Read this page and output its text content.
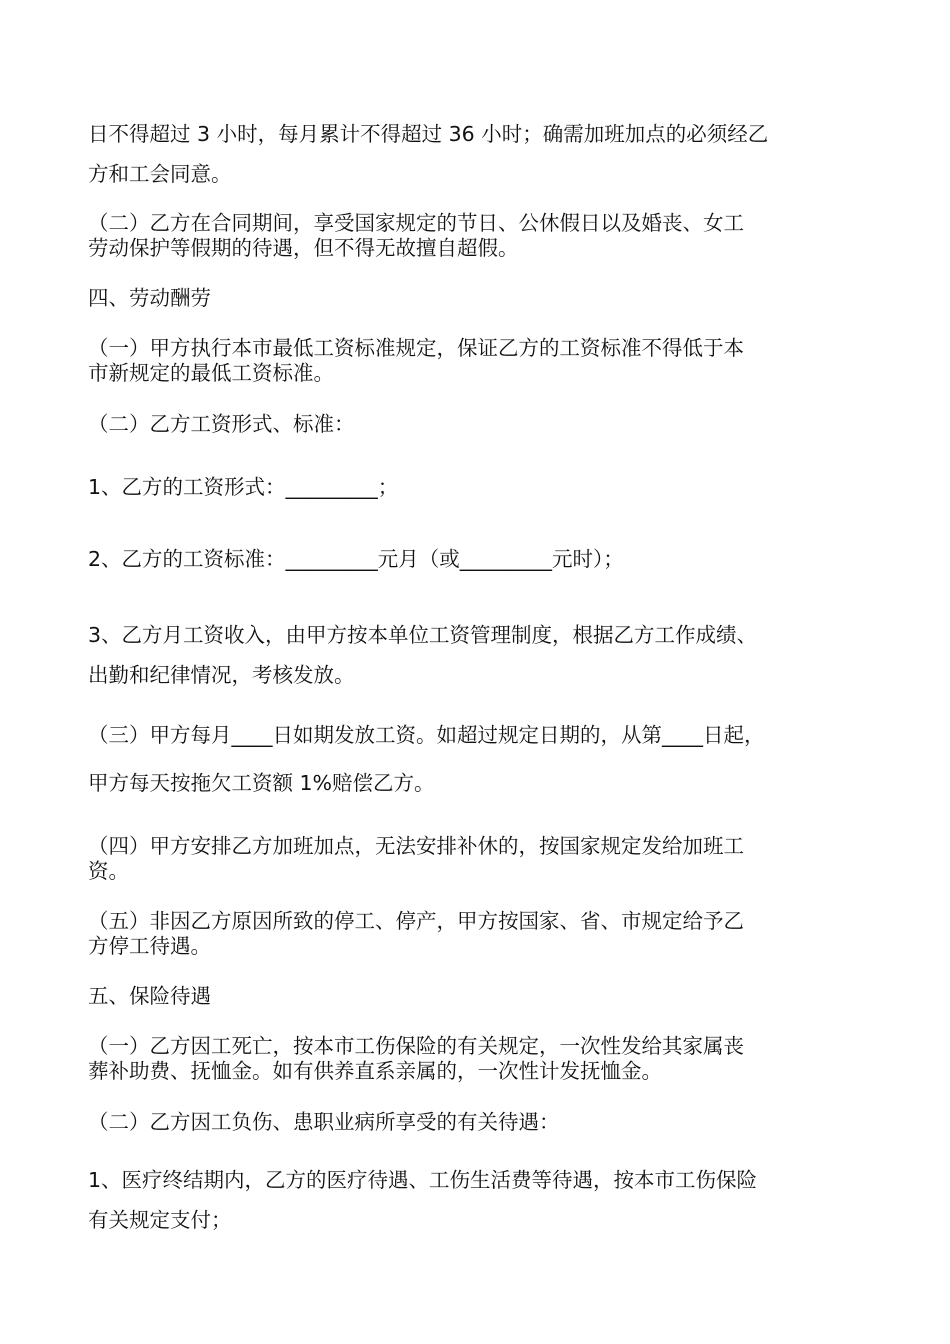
日不得超过 3 小时，每月累计不得超过 36 小时；确需加班加点的必须经乙
方和工会同意。
（二）乙方在合同期间，享受国家规定的节日、公休假日以及婚丧、女工
劳动保护等假期的待遇，但不得无故擅自超假。
四、劳动酬劳
（一）甲方执行本市最低工资标准规定，保证乙方的工资标准不得低于本
市新规定的最低工资标准。
（二）乙方工资形式、标准：
1、乙方的工资形式：_________；
2、乙方的工资标准：_________元月（或_________元时）；
3、乙方月工资收入，由甲方按本单位工资管理制度，根据乙方工作成绩、
出勤和纪律情况，考核发放。
（三）甲方每月____日如期发放工资。如超过规定日期的，从第____日起，
甲方每天按拖欠工资额 1%赔偿乙方。
（四）甲方安排乙方加班加点，无法安排补休的，按国家规定发给加班工
资。
（五）非因乙方原因所致的停工、停产，甲方按国家、省、市规定给予乙
方停工待遇。
五、保险待遇
（一）乙方因工死亡，按本市工伤保险的有关规定，一次性发给其家属丧
葬补助费、抚恤金。如有供养直系亲属的，一次性计发抚恤金。
（二）乙方因工负伤、患职业病所享受的有关待遇：
1、医疗终结期内，乙方的医疗待遇、工伤生活费等待遇，按本市工伤保险
有关规定支付；
